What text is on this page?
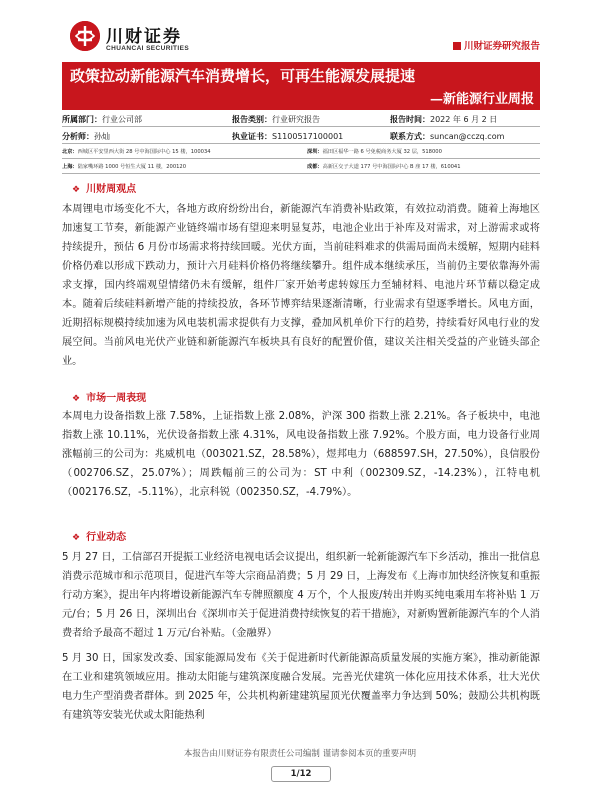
川财证券
CHUANCAI SECURITIES	川财证券研究报告
政策拉动新能源汽车消费增长，可再生能源发展提速
—新能源行业周报
所属部门：行业公司部	报告类别：行业研究报告	报告时间：2022 年 6 月 2 日
分析师：孙灿	执业证书：S1100517100001	联系方式：suncan@cczq.com
北京：西城区平安里西大街 28 号中海国际中心 15 楼，100034	深圳：福田区福华一路 6 号免税商务大厦 32 层，518000
上海：陆家嘴环路 1000 号恒生大厦 11 楼，200120	成都：高新区交子大道 177 号中海国际中心 B 座 17 楼，610041
❖ 川财周观点

本周锂电市场变化不大，各地方政府纷纷出台，新能源汽车消费补贴政策，有效拉动消费。随着上海地区加速复工节奏，新能源产业链终端市场有望迎来明显复苏，电池企业出于补库及对需求，对上游需求或将持续提升，预估 6 月份市场需求将持续回暖。光伏方面，当前硅料难求的供需局面尚未缓解，短期内硅料价格仍难以形成下跌动力，预计六月硅料价格仍将继续攀升。组件成本继续承压，当前仍主要依靠海外需求支撑，国内终端观望情绪仍未有缓解，组件厂家开始考虑转嫁压力至辅材料、电池片环节藉以稳定成本。随着后续硅料新增产能的持续投放，各环节博弈结果逐渐清晰，行业需求有望逐季增长。风电方面，近期招标规模持续加速为风电装机需求提供有力支撑，叠加风机单价下行的趋势，持续看好风电行业的发展空间。当前风电光伏产业链和新能源汽车板块具有良好的配置价值，建议关注相关受益的产业链头部企业。

❖ 市场一周表现

本周电力设备指数上涨 7.58%，上证指数上涨 2.08%，沪深 300 指数上涨 2.21%。各子板块中，电池指数上涨 10.11%，光伏设备指数上涨 4.31%，风电设备指数上涨 7.92%。个股方面，电力设备行业周涨幅前三的公司为：兆威机电（003021.SZ，28.58%），煜邦电力（688597.SH，27.50%），良信股份（002706.SZ，25.07%）；周跌幅前三的公司为：ST 中利（002309.SZ，-14.23%），江特电机（002176.SZ，-5.11%），北京科锐（002350.SZ，-4.79%）。

❖ 行业动态

5 月 27 日，工信部召开提振工业经济电视电话会议提出，组织新一轮新能源汽车下乡活动，推出一批信息消费示范城市和示范项目，促进汽车等大宗商品消费；5 月 29 日，上海发布《上海市加快经济恢复和重振行动方案》，提出年内将增设新能源汽车专牌照额度 4 万个，个人报废/转出并购买纯电乘用车将补贴 1 万元/台；5 月 26 日，深圳出台《深圳市关于促进消费持续恢复的若干措施》，对新购置新能源汽车的个人消费者给予最高不超过 1 万元/台补贴。（金融界）

5 月 30 日，国家发改委、国家能源局发布《关于促进新时代新能源高质量发展的实施方案》，推动新能源在工业和建筑领域应用。推动太阳能与建筑深度融合发展。完善光伏建筑一体化应用技术体系，壮大光伏电力生产型消费者群体。到 2025 年，公共机构新建建筑屋顶光伏覆盖率力争达到 50%；鼓励公共机构既有建筑等安装光伏或太阳能热利

本报告由川财证券有限责任公司编制 谨请参阅本页的重要声明
1/12
